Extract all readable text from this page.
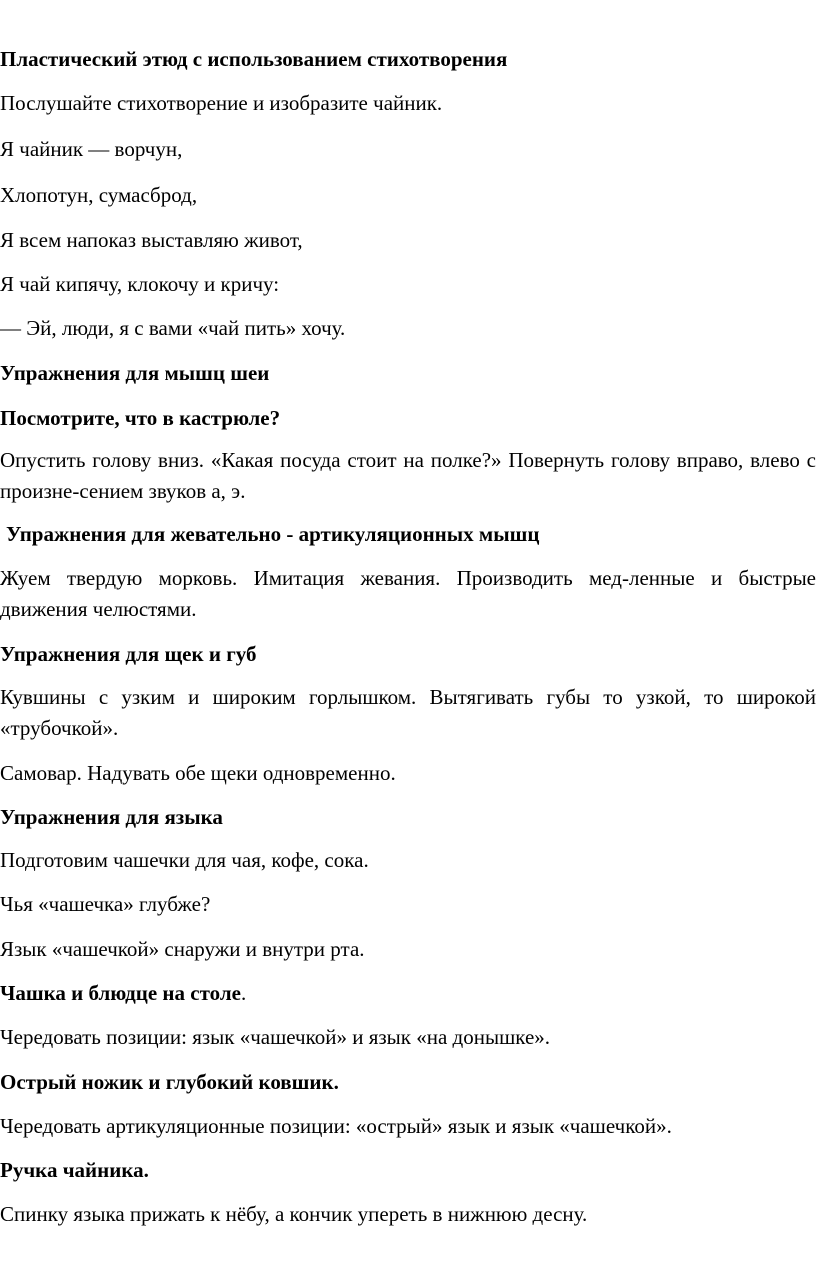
Пластический этюд с использованием стихотворения
Послушайте стихотворение и изобразите чайник.
Я чайник — ворчун,
Хлопотун, сумасброд,
Я всем напоказ выставляю живот,
Я чай кипячу, клокочу и кричу:
— Эй, люди, я с вами «чай пить» хочу.
Упражнения для мышц шеи
Посмотрите, что в кастрюле?
Опустить голову вниз. «Какая посуда стоит на полке?» Повернуть голову вправо, влево с произне-сением звуков а, э.
Упражнения для жевательно - артикуляционных мышц
Жуем твердую морковь. Имитация жевания. Производить мед-ленные и быстрые движения челюстями.
Упражнения для щек и губ
Кувшины с узким и широким горлышком. Вытягивать губы то узкой, то широкой «трубочкой».
Самовар. Надувать обе щеки одновременно.
Упражнения для языка
Подготовим чашечки для чая, кофе, сока.
Чья «чашечка» глубже?
Язык «чашечкой» снаружи и внутри рта.
Чашка и блюдце на столе.
Чередовать позиции: язык «чашечкой» и язык «на донышке».
Острый ножик и глубокий ковшик.
Чередовать артикуляционные позиции: «острый» язык и язык «чашечкой».
Ручка чайника.
Спинку языка прижать к нёбу, а кончик упереть в нижнюю десну.
